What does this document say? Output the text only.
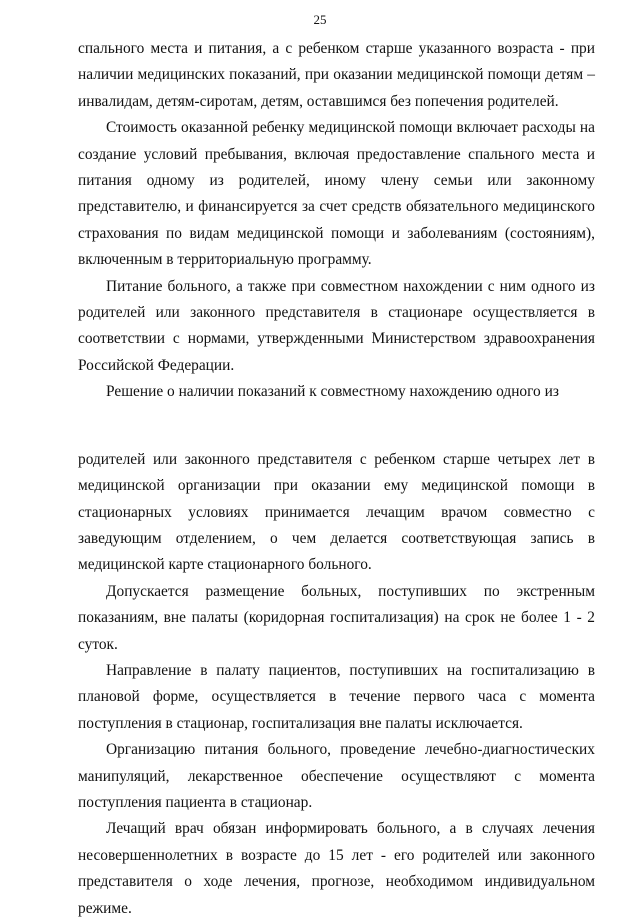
25

спального места и питания, а с ребенком старше указанного возраста - при наличии медицинских показаний, при оказании медицинской помощи детям – инвалидам, детям-сиротам, детям, оставшимся без попечения родителей.

Стоимость оказанной ребенку медицинской помощи включает расходы на создание условий пребывания, включая предоставление спального места и питания одному из родителей, иному члену семьи или законному представителю, и финансируется за счет средств обязательного медицинского страхования по видам медицинской помощи и заболеваниям (состояниям), включенным в территориальную программу.

Питание больного, а также при совместном нахождении с ним одного из родителей или законного представителя в стационаре осуществляется в соответствии с нормами, утвержденными Министерством здравоохранения Российской Федерации.

Решение о наличии показаний к совместному нахождению одного из

родителей или законного представителя с ребенком старше четырех лет в медицинской организации при оказании ему медицинской помощи в стационарных условиях принимается лечащим врачом совместно с заведующим отделением, о чем делается соответствующая запись в медицинской карте стационарного больного.

Допускается размещение больных, поступивших по экстренным показаниям, вне палаты (коридорная госпитализация) на срок не более 1 - 2 суток.

Направление в палату пациентов, поступивших на госпитализацию в плановой форме, осуществляется в течение первого часа с момента поступления в стационар, госпитализация вне палаты исключается.

Организацию питания больного, проведение лечебно-диагностических манипуляций, лекарственное обеспечение осуществляют с момента поступления пациента в стационар.

Лечащий врач обязан информировать больного, а в случаях лечения несовершеннолетних в возрасте до 15 лет - его родителей или законного представителя о ходе лечения, прогнозе, необходимом индивидуальном режиме.
